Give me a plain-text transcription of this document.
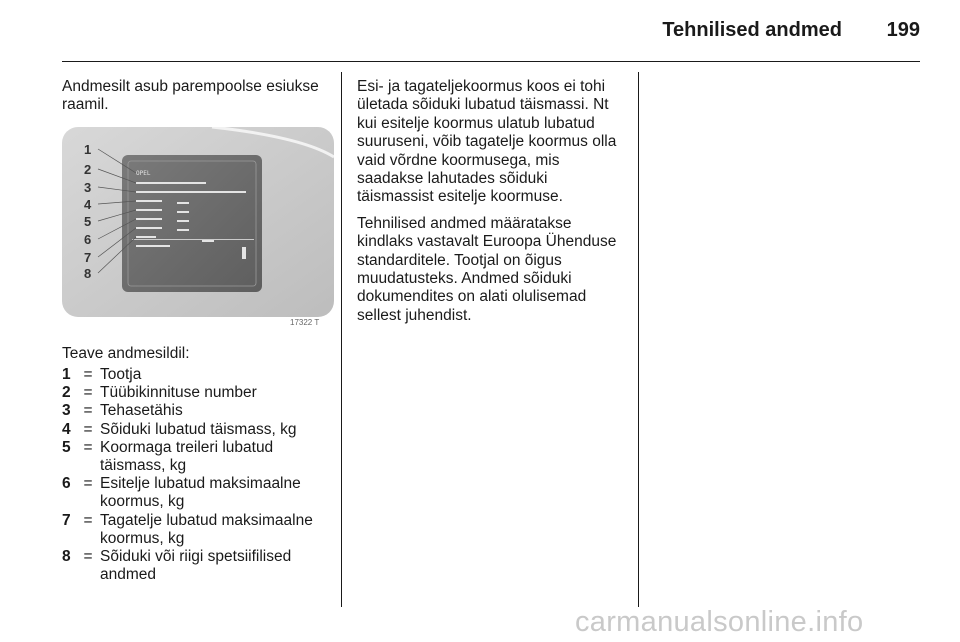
Tehnilised andmed 199
Andmesilt asub parempoolse esiukse raamil.
OPEL
1
2
3
4
5
6
7
8
17322 T
Teave andmesildil:
1 = Tootja
2 = Tüübikinnituse number
3 = Tehasetähis
4 = Sõiduki lubatud täismass, kg
5 = Koormaga treileri lubatud täismass, kg
6 = Esitelje lubatud maksimaalne koormus, kg
7 = Tagatelje lubatud maksimaalne koormus, kg
8 = Sõiduki või riigi spetsiifilised andmed

Esi- ja tagateljekoormus koos ei tohi ületada sõiduki lubatud täismassi. Nt kui esitelje koormus ulatub lubatud suuruseni, võib tagatelje koormus olla vaid võrdne koormusega, mis saadakse lahutades sõiduki täismassist esitelje koormuse.

Tehnilised andmed määratakse kindlaks vastavalt Euroopa Ühenduse standarditele. Tootjal on õigus muudatusteks. Andmed sõiduki dokumendites on alati olulisemad sellest juhendist.

carmanualsonline.info
